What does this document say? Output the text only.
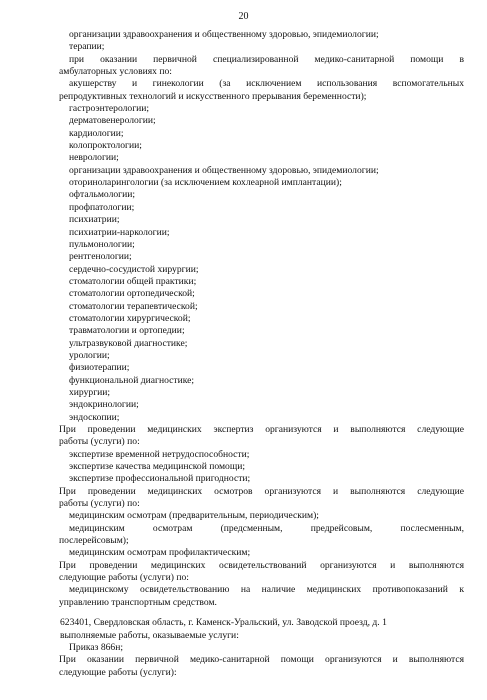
20
организации здравоохранения и общественному здоровью, эпидемиологии;
терапии;
при оказании первичной специализированной медико-санитарной помощи в
амбулаторных условиях по:
акушерству и гинекологии (за исключением использования вспомогательных
репродуктивных технологий и искусственного прерывания беременности);
гастроэнтерологии;
дерматовенерологии;
кардиологии;
колопроктологии;
неврологии;
организации здравоохранения и общественному здоровью, эпидемиологии;
оториноларингологии (за исключением кохлеарной имплантации);
офтальмологии;
профпатологии;
психиатрии;
психиатрии-наркологии;
пульмонологии;
рентгенологии;
сердечно-сосудистой хирургии;
стоматологии общей практики;
стоматологии ортопедической;
стоматологии терапевтической;
стоматологии хирургической;
травматологии и ортопедии;
ультразвуковой диагностике;
урологии;
физиотерапии;
функциональной диагностике;
хирургии;
эндокринологии;
эндоскопии;
При проведении медицинских экспертиз организуются и выполняются следующие
работы (услуги) по:
экспертизе временной нетрудоспособности;
экспертизе качества медицинской помощи;
экспертизе профессиональной пригодности;
При проведении медицинских осмотров организуются и выполняются следующие
работы (услуги) по:
медицинским осмотрам (предварительным, периодическим);
медицинским осмотрам (предсменным, предрейсовым, послесменным,
послерейсовым);
медицинским осмотрам профилактическим;
При проведении медицинских освидетельствований организуются и выполняются
следующие работы (услуги) по:
медицинскому освидетельствованию на наличие медицинских противопоказаний к
управлению транспортным средством.
623401, Свердловская область, г. Каменск-Уральский, ул. Заводской проезд, д. 1
выполняемые работы, оказываемые услуги:
Приказ 866н;
При оказании первичной медико-санитарной помощи организуются и выполняются
следующие работы (услуги):
